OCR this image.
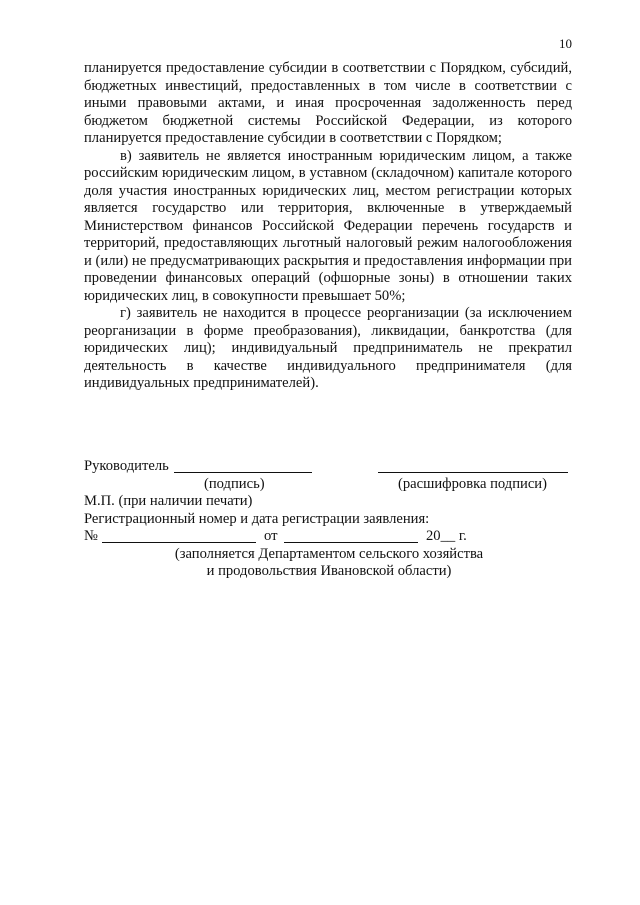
10

планируется предоставление субсидии в соответствии с Порядком, субсидий, бюджетных инвестиций, предоставленных в том числе в соответствии с иными правовыми актами, и иная просроченная задолженность перед бюджетом бюджетной системы Российской Федерации, из которого планируется предоставление субсидии в соответствии с Порядком;

в) заявитель не является иностранным юридическим лицом, а также российским юридическим лицом, в уставном (складочном) капитале которого доля участия иностранных юридических лиц, местом регистрации которых является государство или территория, включенные в утверждаемый Министерством финансов Российской Федерации перечень государств и территорий, предоставляющих льготный налоговый режим налогообложения и (или) не предусматривающих раскрытия и предоставления информации при проведении финансовых операций (офшорные зоны) в отношении таких юридических лиц, в совокупности превышает 50%;

г) заявитель не находится в процессе реорганизации (за исключением реорганизации в форме преобразования), ликвидации, банкротства (для юридических лиц); индивидуальный предприниматель не прекратил деятельность в качестве индивидуального предпринимателя (для индивидуальных предпринимателей).

Руководитель
(подпись)	(расшифровка подписи)
М.П. (при наличии печати)
Регистрационный номер и дата регистрации заявления:
№	от	20__ г.
(заполняется Департаментом сельского хозяйства
и продовольствия Ивановской области)
